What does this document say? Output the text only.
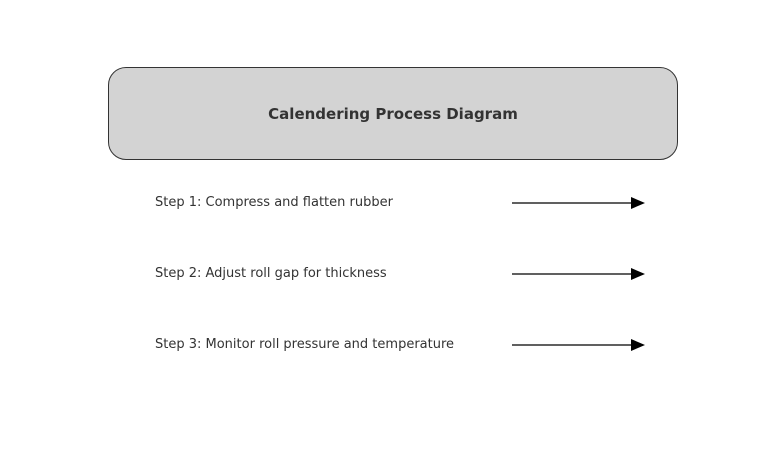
Calendering Process Diagram
Step 1: Compress and flatten rubber
Step 2: Adjust roll gap for thickness
Step 3: Monitor roll pressure and temperature
